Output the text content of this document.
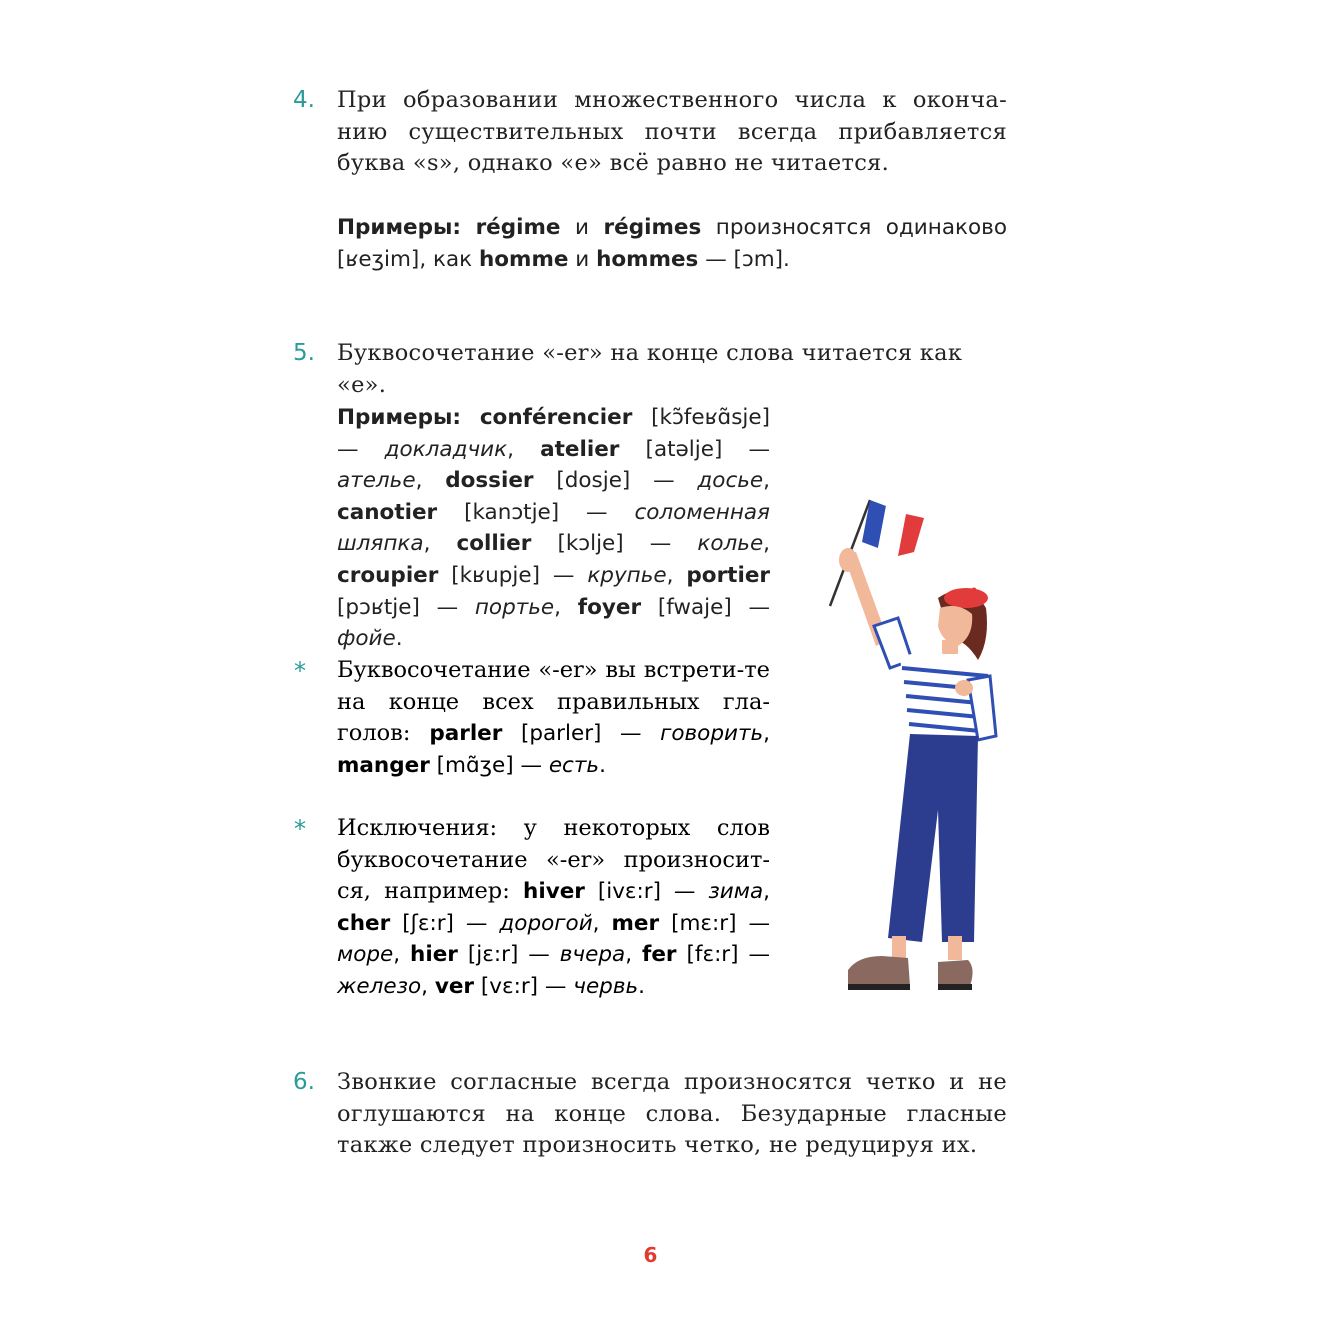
4. При образовании множественного числа к оконча-нию существительных почти всегда прибавляется буква «s», однако «е» всё равно не читается.

Примеры: régime и régimes произносятся одинаково [ʁeʒim], как homme и hommes — [ɔm].

5. Буквосочетание «-er» на конце слова читается как «е».

Примеры: conférencier [kɔ̃feʁɑ̃sje] — докладчик, atelier [atəlje] — ателье, dossier [dosje] — досье, canotier [kanɔtje] — соломенная шляпка, collier [kɔlje] — колье, croupier [kʁupje] — крупье, portier [pɔʁtje] — портье, foyer [fwaje] — фойе.

* Буквосочетание «-er» вы встрети-те на конце всех правильных гла-голов: parler [parler] — говорить, manger [mɑ̃ʒe] — есть.

* Исключения: у некоторых слов буквосочетание «-er» произносит-ся, например: hiver [ivɛ:r] — зима, cher [ʃɛ:r] — дорогой, mer [mɛ:r] — море, hier [jɛ:r] — вчера, fer [fɛ:r] — железо, ver [vɛ:r] — червь.

6. Звонкие согласные всегда произносятся четко и не оглушаются на конце слова. Безударные гласные также следует произносить четко, не редуцируя их.

6
